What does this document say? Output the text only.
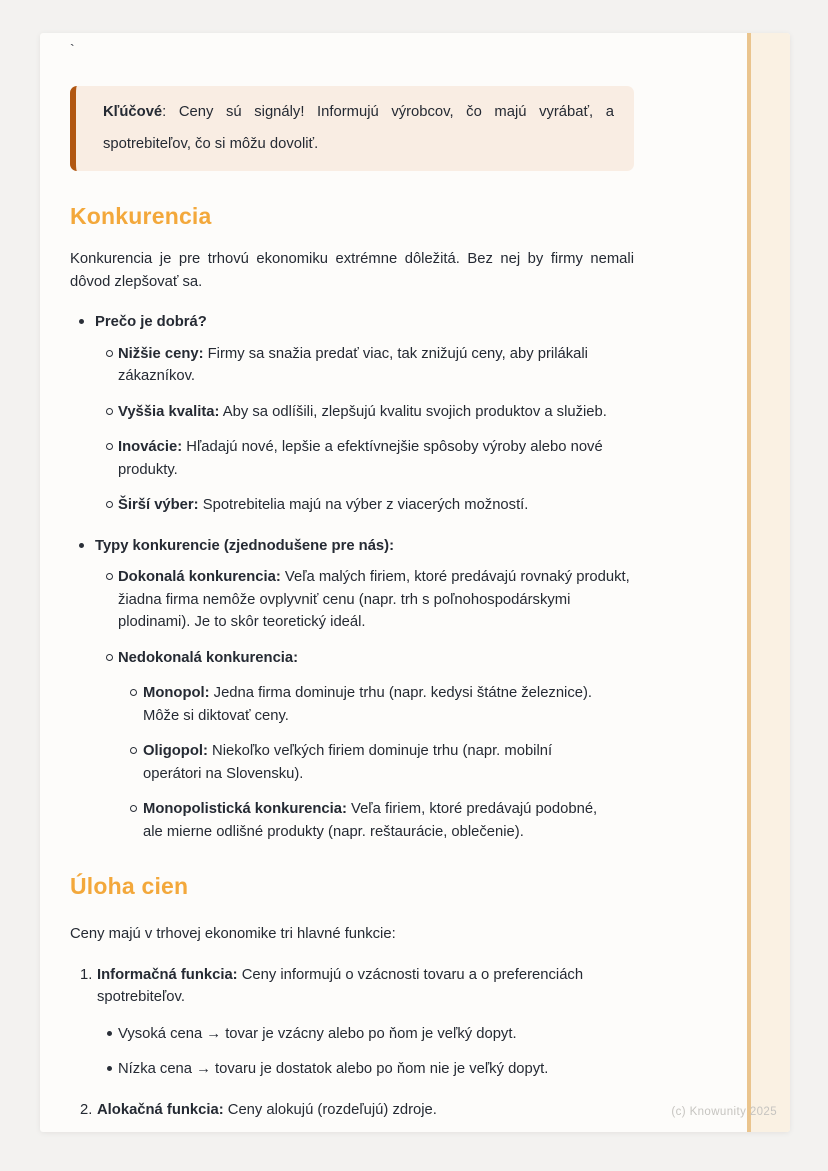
`
Kľúčové: Ceny sú signály! Informujú výrobcov, čo majú vyrábať, a spotrebiteľov, čo si môžu dovoliť.
Konkurencia

Konkurencia je pre trhovú ekonomiku extrémne dôležitá. Bez nej by firmy nemali dôvod zlepšovať sa.

Prečo je dobrá?
Nižšie ceny: Firmy sa snažia predať viac, tak znižujú ceny, aby prilákali zákazníkov.
Vyššia kvalita: Aby sa odlíšili, zlepšujú kvalitu svojich produktov a služieb.
Inovácie: Hľadajú nové, lepšie a efektívnejšie spôsoby výroby alebo nové produkty.
Širší výber: Spotrebitelia majú na výber z viacerých možností.
Typy konkurencie (zjednodušene pre nás):
Dokonalá konkurencia: Veľa malých firiem, ktoré predávajú rovnaký produkt, žiadna firma nemôže ovplyvniť cenu (napr. trh s poľnohospodárskymi plodinami). Je to skôr teoretický ideál.
Nedokonalá konkurencia:
Monopol: Jedna firma dominuje trhu (napr. kedysi štátne železnice). Môže si diktovať ceny.
Oligopol: Niekoľko veľkých firiem dominuje trhu (napr. mobilní operátori na Slovensku).
Monopolistická konkurencia: Veľa firiem, ktoré predávajú podobné, ale mierne odlišné produkty (napr. reštaurácie, oblečenie).
Úloha cien

Ceny majú v trhovej ekonomike tri hlavné funkcie:

1. Informačná funkcia: Ceny informujú o vzácnosti tovaru a o preferenciách spotrebiteľov.
Vysoká cena → tovar je vzácny alebo po ňom je veľký dopyt.
Nízka cena → tovaru je dostatok alebo po ňom nie je veľký dopyt.
2. Alokačná funkcia: Ceny alokujú (rozdeľujú) zdroje.	(c) Knowunity 2025
